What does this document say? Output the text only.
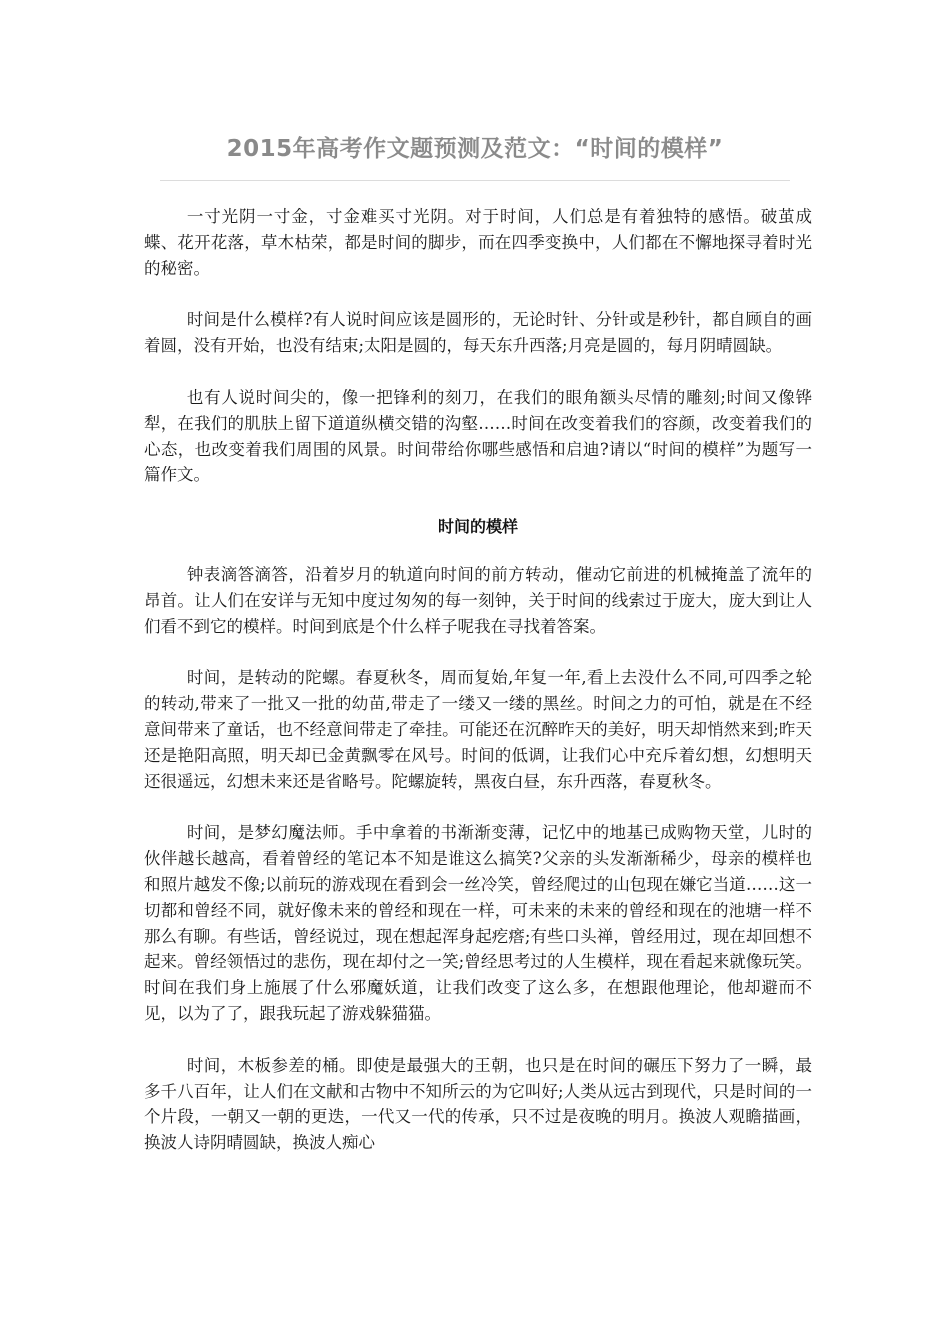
2015年高考作文题预测及范文：“时间的模样”

一寸光阴一寸金，寸金难买寸光阴。对于时间，人们总是有着独特的感悟。破茧成蝶、花开花落，草木枯荣，都是时间的脚步，而在四季变换中，人们都在不懈地探寻着时光的秘密。

时间是什么模样?有人说时间应该是圆形的，无论时针、分针或是秒针，都自顾自的画着圆，没有开始，也没有结束;太阳是圆的，每天东升西落;月亮是圆的，每月阴晴圆缺。

也有人说时间尖的，像一把锋利的刻刀，在我们的眼角额头尽情的雕刻;时间又像铧犁，在我们的肌肤上留下道道纵横交错的沟壑……时间在改变着我们的容颜，改变着我们的心态，也改变着我们周围的风景。时间带给你哪些感悟和启迪?请以“时间的模样”为题写一篇作文。

时间的模样

钟表滴答滴答，沿着岁月的轨道向时间的前方转动，催动它前进的机械掩盖了流年的昂首。让人们在安详与无知中度过匆匆的每一刻钟，关于时间的线索过于庞大，庞大到让人们看不到它的模样。时间到底是个什么样子呢我在寻找着答案。

时间，是转动的陀螺。春夏秋冬，周而复始,年复一年,看上去没什么不同,可四季之轮的转动,带来了一批又一批的幼苗,带走了一缕又一缕的黑丝。时间之力的可怕，就是在不经意间带来了童话，也不经意间带走了牵挂。可能还在沉醉昨天的美好，明天却悄然来到;昨天还是艳阳高照，明天却已金黄飘零在风号。时间的低调，让我们心中充斥着幻想，幻想明天还很遥远，幻想未来还是省略号。陀螺旋转，黑夜白昼，东升西落，春夏秋冬。

时间，是梦幻魔法师。手中拿着的书渐渐变薄，记忆中的地基已成购物天堂，儿时的伙伴越长越高，看着曾经的笔记本不知是谁这么搞笑?父亲的头发渐渐稀少，母亲的模样也和照片越发不像;以前玩的游戏现在看到会一丝冷笑，曾经爬过的山包现在嫌它当道……这一切都和曾经不同，就好像未来的曾经和现在一样，可未来的未来的曾经和现在的池塘一样不那么有聊。有些话，曾经说过，现在想起浑身起疙瘩;有些口头禅，曾经用过，现在却回想不起来。曾经领悟过的悲伤，现在却付之一笑;曾经思考过的人生模样，现在看起来就像玩笑。时间在我们身上施展了什么邪魔妖道，让我们改变了这么多，在想跟他理论，他却避而不见，以为了了，跟我玩起了游戏躲猫猫。

时间，木板参差的桶。即使是最强大的王朝，也只是在时间的碾压下努力了一瞬，最多千八百年，让人们在文献和古物中不知所云的为它叫好;人类从远古到现代，只是时间的一个片段，一朝又一朝的更迭，一代又一代的传承，只不过是夜晚的明月。换波人观瞻描画，换波人诗阴晴圆缺，换波人痴心
